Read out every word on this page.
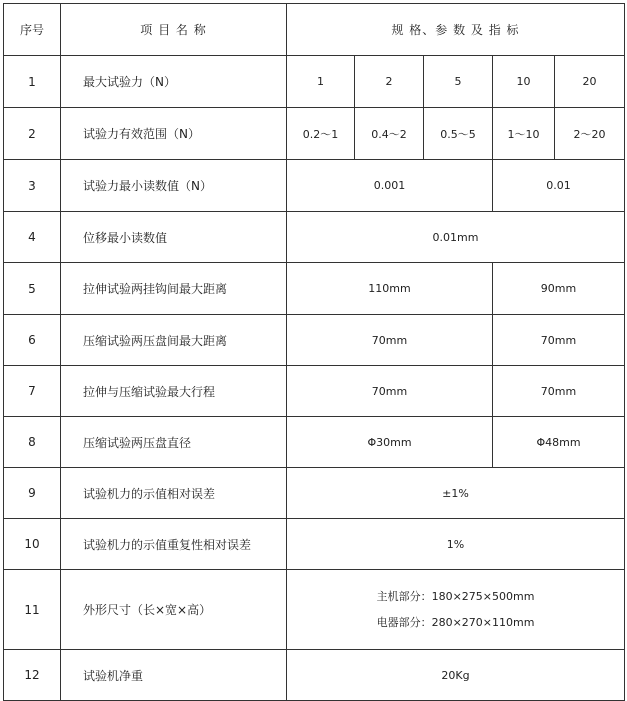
序号	项 目 名 称	规 格、参 数 及 指 标				
1	最大试验力（N）	1	2	5	10	20
2	试验力有效范围（N）	0.2～1	0.4～2	0.5～5	1～10	2～20
3	试验力最小读数值（N）	0.001			0.01	
4	位移最小读数值	0.01mm				
5	拉伸试验两挂钩间最大距离	110mm			90mm	
6	压缩试验两压盘间最大距离	70mm			70mm	
7	拉伸与压缩试验最大行程	70mm			70mm	
8	压缩试验两压盘直径	Φ30mm			Φ48mm	
9	试验机力的示值相对误差	±1%				
10	试验机力的示值重复性相对误差	1%				
11	外形尺寸（长×宽×高）	主机部分：180×275×500mm
电器部分：280×270×110mm				

12	试验机净重	20Kg				
